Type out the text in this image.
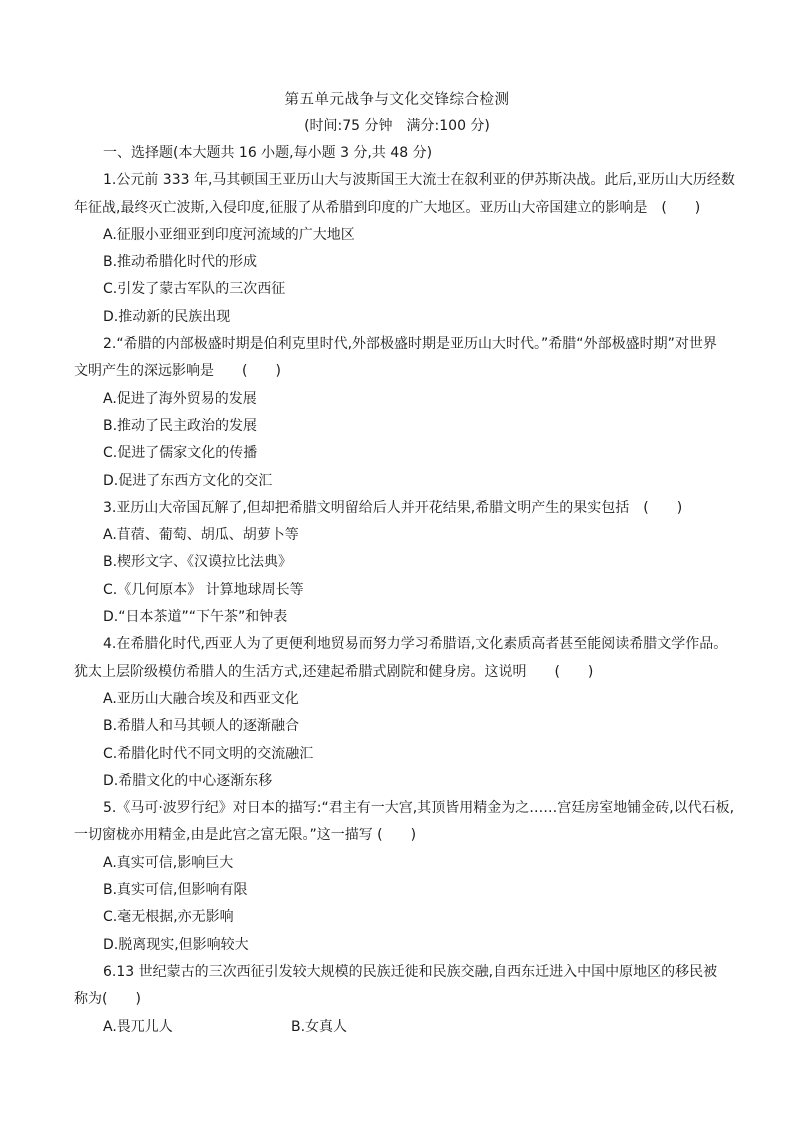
第五单元战争与文化交锋综合检测
(时间:75 分钟　满分:100 分)
一、选择题(本大题共 16 小题,每小题 3 分,共 48 分)
1.公元前 333 年,马其顿国王亚历山大与波斯国王大流士在叙利亚的伊苏斯决战。此后,亚历山大历经数
年征战,最终灭亡波斯,入侵印度,征服了从希腊到印度的广大地区。亚历山大帝国建立的影响是　(　　)
A.征服小亚细亚到印度河流域的广大地区
B.推动希腊化时代的形成
C.引发了蒙古军队的三次西征
D.推动新的民族出现
2.“希腊的内部极盛时期是伯利克里时代,外部极盛时期是亚历山大时代。”希腊“外部极盛时期”对世界
文明产生的深远影响是　　(　　)
A.促进了海外贸易的发展
B.推动了民主政治的发展
C.促进了儒家文化的传播
D.促进了东西方文化的交汇
3.亚历山大帝国瓦解了,但却把希腊文明留给后人并开花结果,希腊文明产生的果实包括　(　　)
A.苜蓿、葡萄、胡瓜、胡萝卜等
B.楔形文字、《汉谟拉比法典》
C.《几何原本》 计算地球周长等
D.“日本茶道”“下午茶”和钟表
4.在希腊化时代,西亚人为了更便利地贸易而努力学习希腊语,文化素质高者甚至能阅读希腊文学作品。
犹太上层阶级模仿希腊人的生活方式,还建起希腊式剧院和健身房。这说明　　(　　)
A.亚历山大融合埃及和西亚文化
B.希腊人和马其顿人的逐渐融合
C.希腊化时代不同文明的交流融汇
D.希腊文化的中心逐渐东移
5.《马可·波罗行纪》对日本的描写:“君主有一大宫,其顶皆用精金为之……宫廷房室地铺金砖,以代石板,
一切窗栊亦用精金,由是此宫之富无限。”这一描写 (　　)
A.真实可信,影响巨大
B.真实可信,但影响有限
C.毫无根据,亦无影响
D.脱离现实,但影响较大
6.13 世纪蒙古的三次西征引发较大规模的民族迁徙和民族交融,自西东迁进入中国中原地区的移民被
称为(　　)
A.畏兀儿人	B.女真人
